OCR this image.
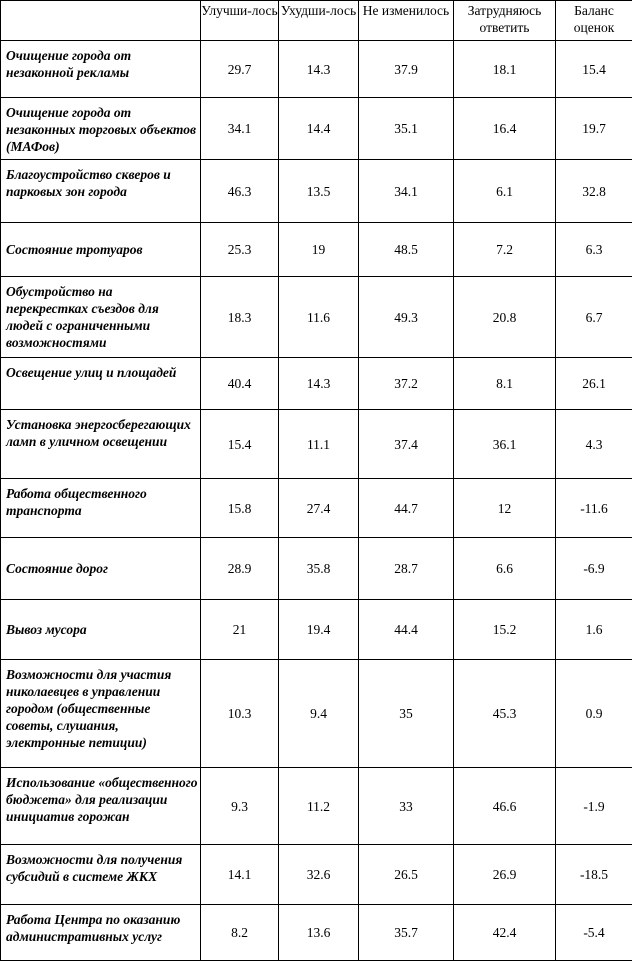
	Улучши-лось	Ухудши-лось	Не изменилось	Затрудняюсь ответить	Баланс оценок
Очищение города от незаконной рекламы	29.7	14.3	37.9	18.1	15.4
Очищение города от незаконных торговых объектов (МАФов)	34.1	14.4	35.1	16.4	19.7
Благоустройство скверов и парковых зон города	46.3	13.5	34.1	6.1	32.8
Состояние тротуаров	25.3	19	48.5	7.2	6.3
Обустройство на перекрестках съездов для людей с ограниченными возможностями	18.3	11.6	49.3	20.8	6.7
Освещение улиц и площадей	40.4	14.3	37.2	8.1	26.1
Установка энергосберегающих ламп в уличном освещении	15.4	11.1	37.4	36.1	4.3
Работа общественного транспорта	15.8	27.4	44.7	12	-11.6
Состояние дорог	28.9	35.8	28.7	6.6	-6.9
Вывоз мусора	21	19.4	44.4	15.2	1.6
Возможности для участия николаевцев в управлении городом (общественные советы, слушания, электронные петиции)	10.3	9.4	35	45.3	0.9
Использование «общественного бюджета» для реализации инициатив горожан	9.3	11.2	33	46.6	-1.9
Возможности для получения субсидий в системе ЖКХ	14.1	32.6	26.5	26.9	-18.5
Работа Центра по оказанию административных услуг	8.2	13.6	35.7	42.4	-5.4
